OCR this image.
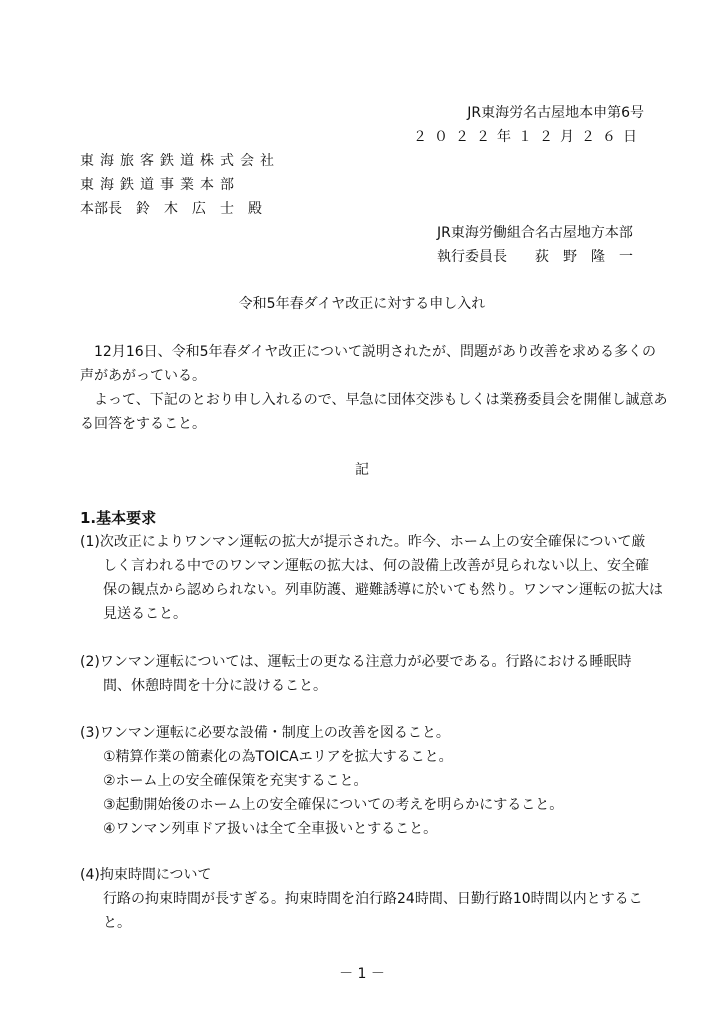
JR東海労名古屋地本申第6号
２０２２年１２月２６日
東海旅客鉄道株式会社
東海鉄道事業本部
本部長　鈴　木　広　士　殿
JR東海労働組合名古屋地方本部
執行委員長　　荻　野　隆　一
令和5年春ダイヤ改正に対する申し入れ
　12月16日、令和5年春ダイヤ改正について説明されたが、問題があり改善を求める多くの
声があがっている。
　よって、下記のとおり申し入れるので、早急に団体交渉もしくは業務委員会を開催し誠意あ
る回答をすること。
記
1.基本要求
(1)次改正によりワンマン運転の拡大が提示された。昨今、ホーム上の安全確保について厳
しく言われる中でのワンマン運転の拡大は、何の設備上改善が見られない以上、安全確
保の観点から認められない。列車防護、避難誘導に於いても然り。ワンマン運転の拡大は
見送ること。
(2)ワンマン運転については、運転士の更なる注意力が必要である。行路における睡眠時
間、休憩時間を十分に設けること。
(3)ワンマン運転に必要な設備・制度上の改善を図ること。
①精算作業の簡素化の為TOICAエリアを拡大すること。
②ホーム上の安全確保策を充実すること。
③起動開始後のホーム上の安全確保についての考えを明らかにすること。
④ワンマン列車ドア扱いは全て全車扱いとすること。
(4)拘束時間について
行路の拘束時間が長すぎる。拘束時間を泊行路24時間、日勤行路10時間以内とするこ
と。
－ 1 －
